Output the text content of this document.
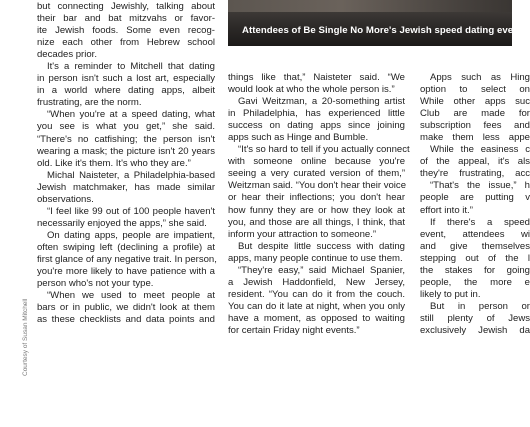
Attendees of Be Single No More's Jewish speed dating event
but connecting Jewishly, talking about
their bar and bat mitzvahs or favor-
ite Jewish foods. Some even recog-
nize each other from Hebrew school
decades prior.
It's a reminder to Mitchell that dating
in person isn't such a lost art, especially
in a world where dating apps, albeit
frustrating, are the norm.
“When you're at a speed dating, what
you see is what you get,” she said.
“There's no catfishing; the person isn't
wearing a mask; the picture isn't 20 years
old. Like it's them. It's who they are.”
Michal Naisteter, a Philadelphia-based
Jewish matchmaker, has made similar
observations.
“I feel like 99 out of 100 people haven't
necessarily enjoyed the apps,” she said.
On dating apps, people are impatient,
often swiping left (declining a profile) at
first glance of any negative trait. In person,
you're more likely to have patience with a
person who's not your type.
“When we used to meet people at
bars or in public, we didn't look at them
as these checklists and data points and
things like that,” Naisteter said. “We
would look at who the whole person is.”
Gavi Weitzman, a 20-something artist
in Philadelphia, has experienced little
success on dating apps since joining
apps such as Hinge and Bumble.
“It's so hard to tell if you actually connect
with someone online because you're
seeing a very curated version of them,”
Weitzman said. “You don't hear their voice
or hear their inflections; you don't hear
how funny they are or how they look at
you, and those are all things, I think, that
inform your attraction to someone.”
But despite little success with dating
apps, many people continue to use them.
“They're easy,” said Michael Spanier,
a Jewish Haddonfield, New Jersey,
resident. “You can do it from the couch.
You can do it late at night, when you only
have a moment, as opposed to waiting
for certain Friday night events.”
Apps such as Hing
option to select on
While other apps suc
Club are made for
subscription fees and
make them less appe
While the easiness c
of the appeal, it's als
they're frustrating, acc
“That's the issue,” h
people are putting v
effort into it.”
If there's a speed
event, attendees wi
and give themselves
stepping out of the l
the stakes for going
people, the more e
likely to put in.
But in person or
still plenty of Jews
exclusively Jewish da
Courtesy of Susan Mitchell
